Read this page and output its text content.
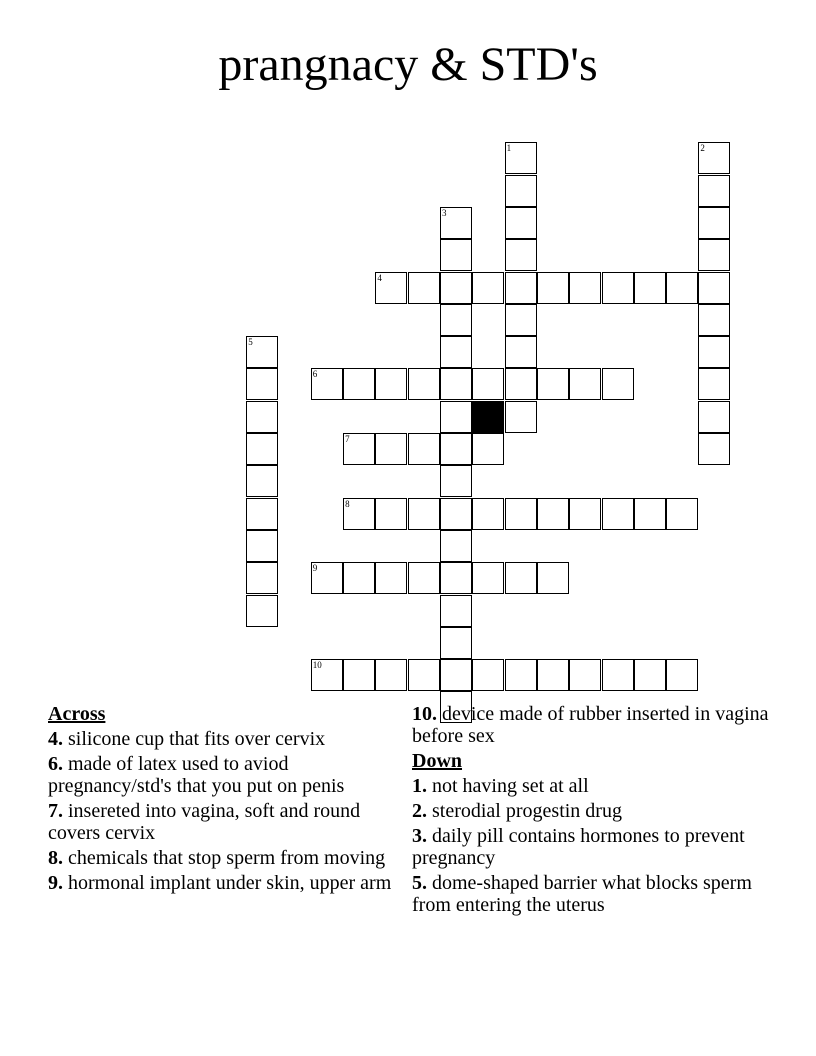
prangnacy & STD's
1	2
3
4
5
6
7
8
9
10
Across
4. silicone cup that fits over cervix
6. made of latex used to aviod pregnancy/std's that you put on penis
7. insereted into vagina, soft and round covers cervix
8. chemicals that stop sperm from moving
9. hormonal implant under skin, upper arm
10. device made of rubber inserted in vagina before sex
Down
1. not having set at all
2. sterodial progestin drug
3. daily pill contains hormones to prevent pregnancy
5. dome-shaped barrier what blocks sperm from entering the uterus
